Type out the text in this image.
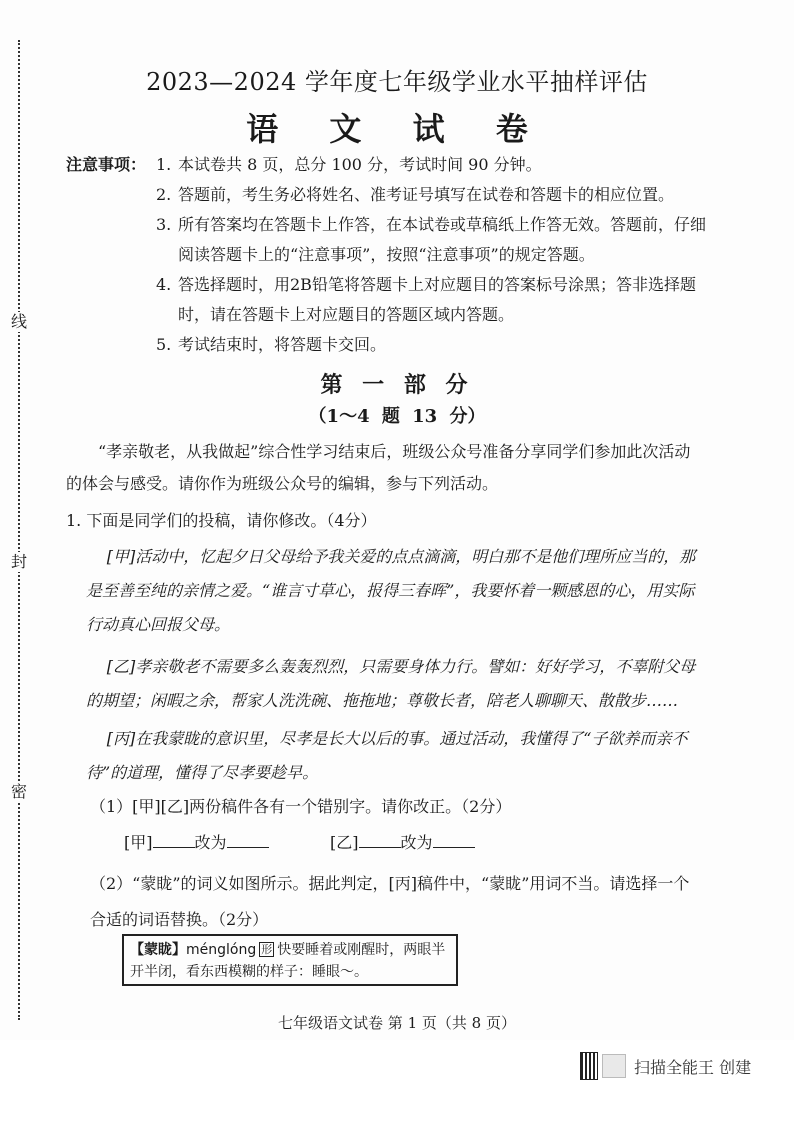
线
封
密
2023—2024 学年度七年级学业水平抽样评估
语 文 试 卷
注意事项： 1. 本试卷共 8 页，总分 100 分，考试时间 90 分钟。
2. 答题前，考生务必将姓名、准考证号填写在试卷和答题卡的相应位置。
3. 所有答案均在答题卡上作答，在本试卷或草稿纸上作答无效。答题前，仔细阅读答题卡上的“注意事项”，按照“注意事项”的规定答题。
4. 答选择题时，用2B铅笔将答题卡上对应题目的答案标号涂黑；答非选择题时，请在答题卡上对应题目的答题区域内答题。
5. 考试结束时，将答题卡交回。
第 一 部 分
（1～4 题 13 分）
“孝亲敬老，从我做起”综合性学习结束后，班级公众号准备分享同学们参加此次活动的体会与感受。请你作为班级公众号的编辑，参与下列活动。
1. 下面是同学们的投稿，请你修改。（4分）
[甲]活动中，忆起夕日父母给予我关爱的点点滴滴，明白那不是他们理所应当的，那是至善至纯的亲情之爱。“谁言寸草心，报得三春晖”，我要怀着一颗感恩的心，用实际行动真心回报父母。
[乙]孝亲敬老不需要多么轰轰烈烈，只需要身体力行。譬如：好好学习，不辜附父母的期望；闲暇之余，帮家人洗洗碗、拖拖地；尊敬长者，陪老人聊聊天、散散步……
[丙]在我蒙眬的意识里，尽孝是长大以后的事。通过活动，我懂得了“子欲养而亲不待”的道理，懂得了尽孝要趁早。
（1）[甲][乙]两份稿件各有一个错别字。请你改正。（2分）
[甲]	改为	[乙]	改为
（2）“蒙眬”的词义如图所示。据此判定，[丙]稿件中，“蒙眬”用词不当。请选择一个合适的词语替换。（2分）
【蒙眬】ménglóng 形 快要睡着或刚醒时，两眼半开半闭，看东西模糊的样子：睡眼～。
七年级语文试卷 第 1 页（共 8 页）
扫描全能王 创建
